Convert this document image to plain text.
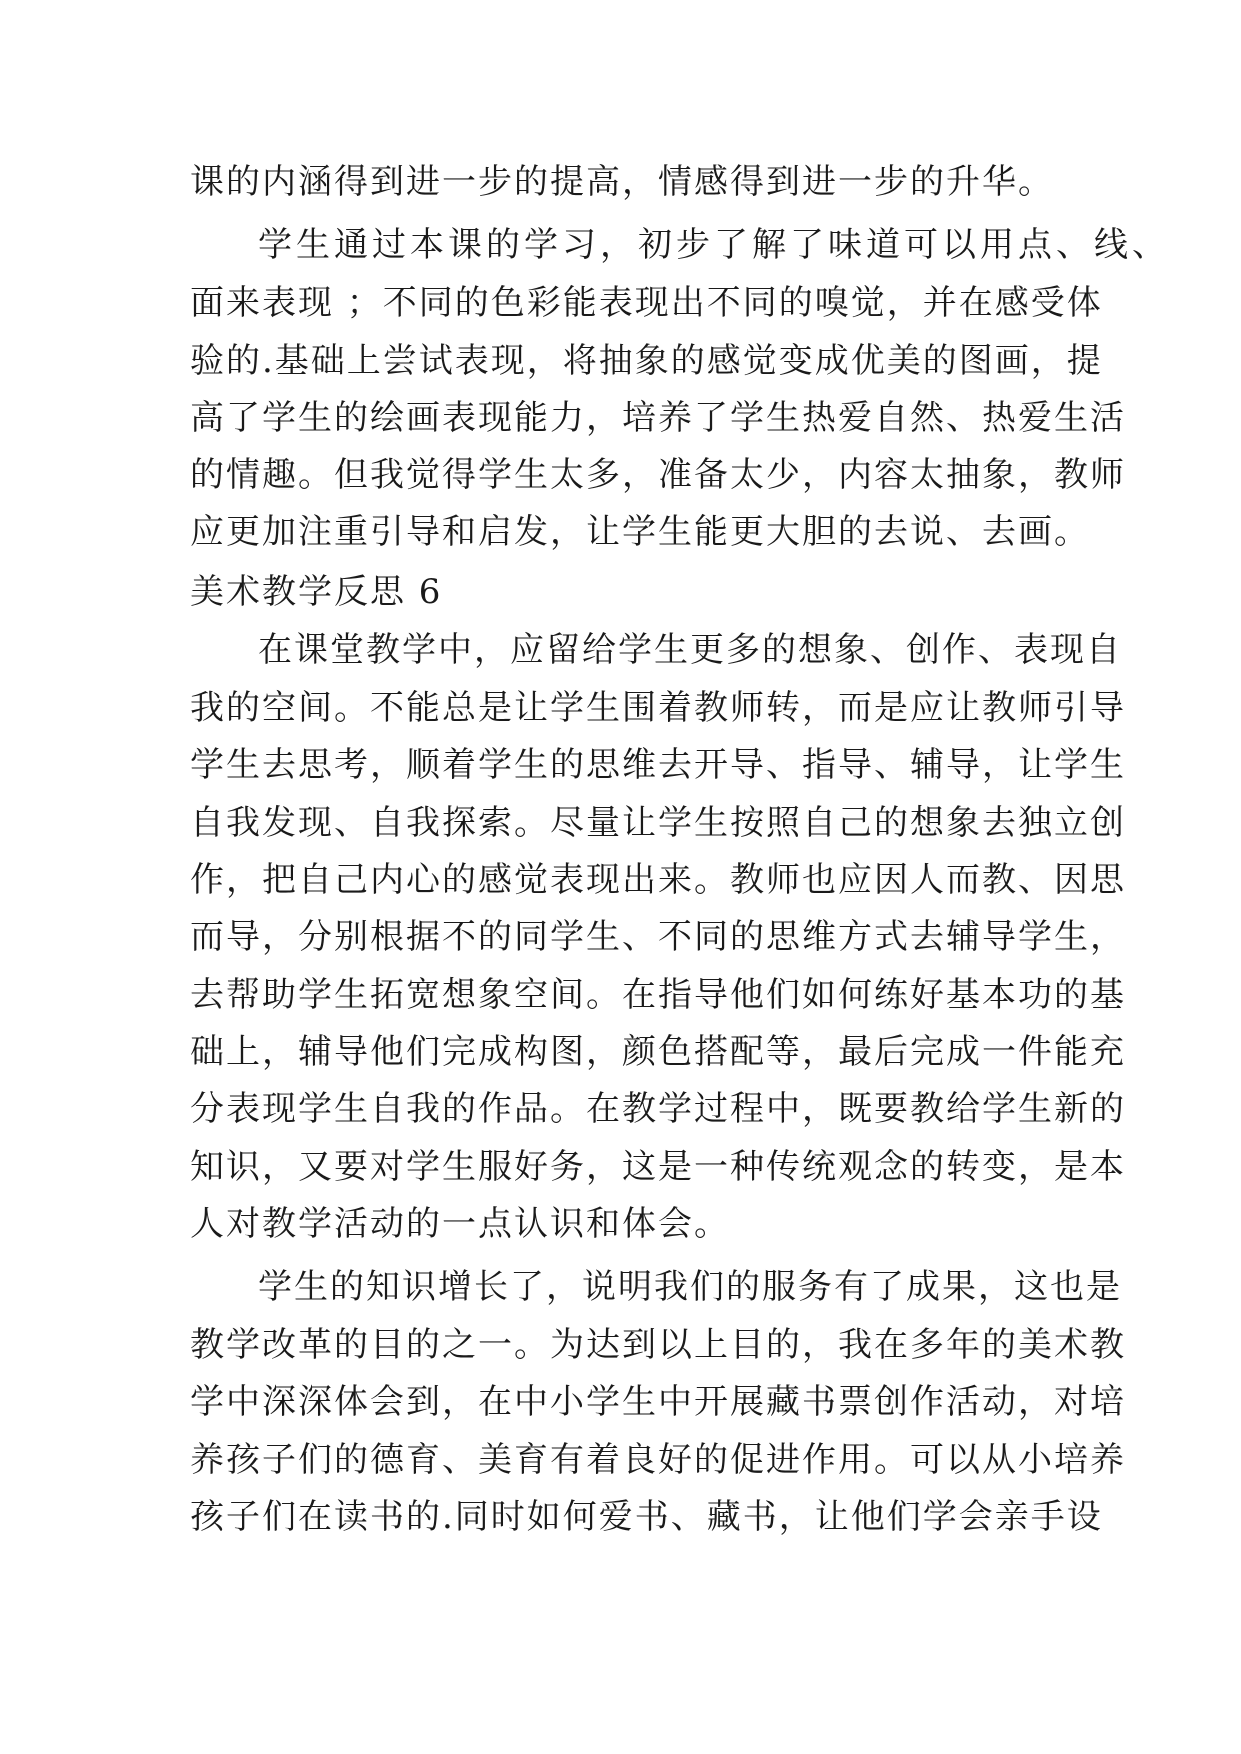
课的内涵得到进一步的提高，情感得到进一步的升华。
学生通过本课的学习，初步了解了味道可以用点、线、
面来表现 ；不同的色彩能表现出不同的嗅觉，并在感受体
验的.基础上尝试表现，将抽象的感觉变成优美的图画，提
高了学生的绘画表现能力，培养了学生热爱自然、热爱生活
的情趣。但我觉得学生太多，准备太少，内容太抽象，教师
应更加注重引导和启发，让学生能更大胆的去说、去画。
美术教学反思 6
在课堂教学中，应留给学生更多的想象、创作、表现自
我的空间。不能总是让学生围着教师转，而是应让教师引导
学生去思考，顺着学生的思维去开导、指导、辅导，让学生
自我发现、自我探索。尽量让学生按照自己的想象去独立创
作，把自己内心的感觉表现出来。教师也应因人而教、因思
而导，分别根据不的同学生、不同的思维方式去辅导学生，
去帮助学生拓宽想象空间。在指导他们如何练好基本功的基
础上，辅导他们完成构图，颜色搭配等，最后完成一件能充
分表现学生自我的作品。在教学过程中，既要教给学生新的
知识，又要对学生服好务，这是一种传统观念的转变，是本
人对教学活动的一点认识和体会。
学生的知识增长了，说明我们的服务有了成果，这也是
教学改革的目的之一。为达到以上目的，我在多年的美术教
学中深深体会到，在中小学生中开展藏书票创作活动，对培
养孩子们的德育、美育有着良好的促进作用。可以从小培养
孩子们在读书的.同时如何爱书、藏书，让他们学会亲手设
